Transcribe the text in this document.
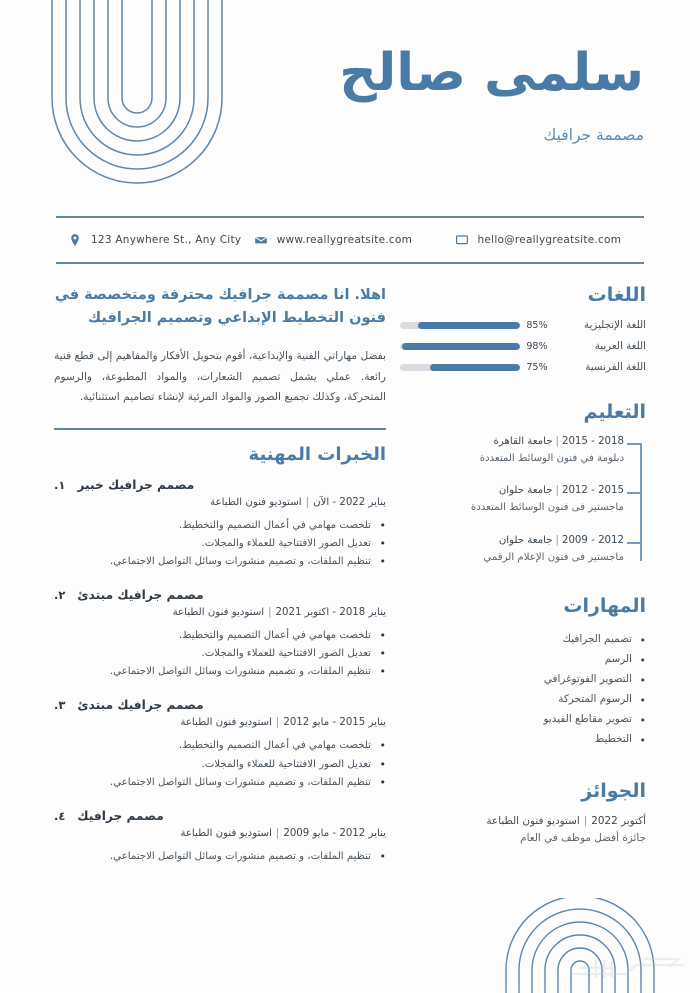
سلمى صالح
مصممة جرافيك
123 Anywhere St., Any City	www.reallygreatsite.com	hello@reallygreatsite.com
اهلا. انا مصممة جرافيك محترفة ومتخصصة في فنون التخطيط الإبداعي وتصميم الجرافيك
بفضل مهاراتي الفنية والإبداعية، أقوم بتحويل الأفكار والمفاهيم إلى قطع فنية رائعة. عملي يشمل تصميم الشعارات، والمواد المطبوعة، والرسوم المتحركة، وكذلك تجميع الصور والمواد المرئية لإنشاء تصاميم استثنائية.
الخبرات المهنية
مصمم جرافيك خبير
١.
يناير 2022 - الآن|استوديو فنون الطباعة
• تلخصت مهامي في أعمال التصميم والتخطيط.
• تعديل الصور الافتتاحية للعملاء والمجلات.
• تنظيم الملفات، و تصميم منشورات وسائل التواصل الاجتماعي.
مصمم جرافيك مبتدئ
٢.
يناير 2018 - اكتوبر 2021|استوديو فنون الطباعة
• تلخصت مهامي في أعمال التصميم والتخطيط.
• تعديل الصور الافتتاحية للعملاء والمجلات.
• تنظيم الملفات، و تصميم منشورات وسائل التواصل الاجتماعي.
مصمم جرافيك مبتدئ
٣.
يناير 2015 - مايو 2012|استوديو فنون الطباعة
• تلخصت مهامي في أعمال التصميم والتخطيط.
• تعديل الصور الافتتاحية للعملاء والمجلات.
• تنظيم الملفات، و تصميم منشورات وسائل التواصل الاجتماعي.
مصمم جرافيك
٤.
يناير 2012 - مايو 2009|استوديو فنون الطباعة
• تنظيم الملفات، و تصميم منشورات وسائل التواصل الاجتماعي.
اللغات
اللغة الإنجليزية
85%
اللغة العربية
98%
اللغة الفرنسية
75%
التعليم
2018 - 2015|جامعة القاهرة
دبلومة في فنون الوسائط المتعددة
2015 - 2012|جامعة حلوان
ماجستير فى فنون الوسائط المتعددة
2012 - 2009|جامعة حلوان
ماجستير فى فنون الإعلام الرقمي
المهارات
• تصميم الجرافيك
• الرسم
• التصوير الفوتوغرافي
• الرسوم المتحركة
• تصوير مقاطع الفيديو
• التخطيط
الجوائز
أكتوبر 2022|استوديو فنون الطباعة
جائزة أفضل موظف في العام
